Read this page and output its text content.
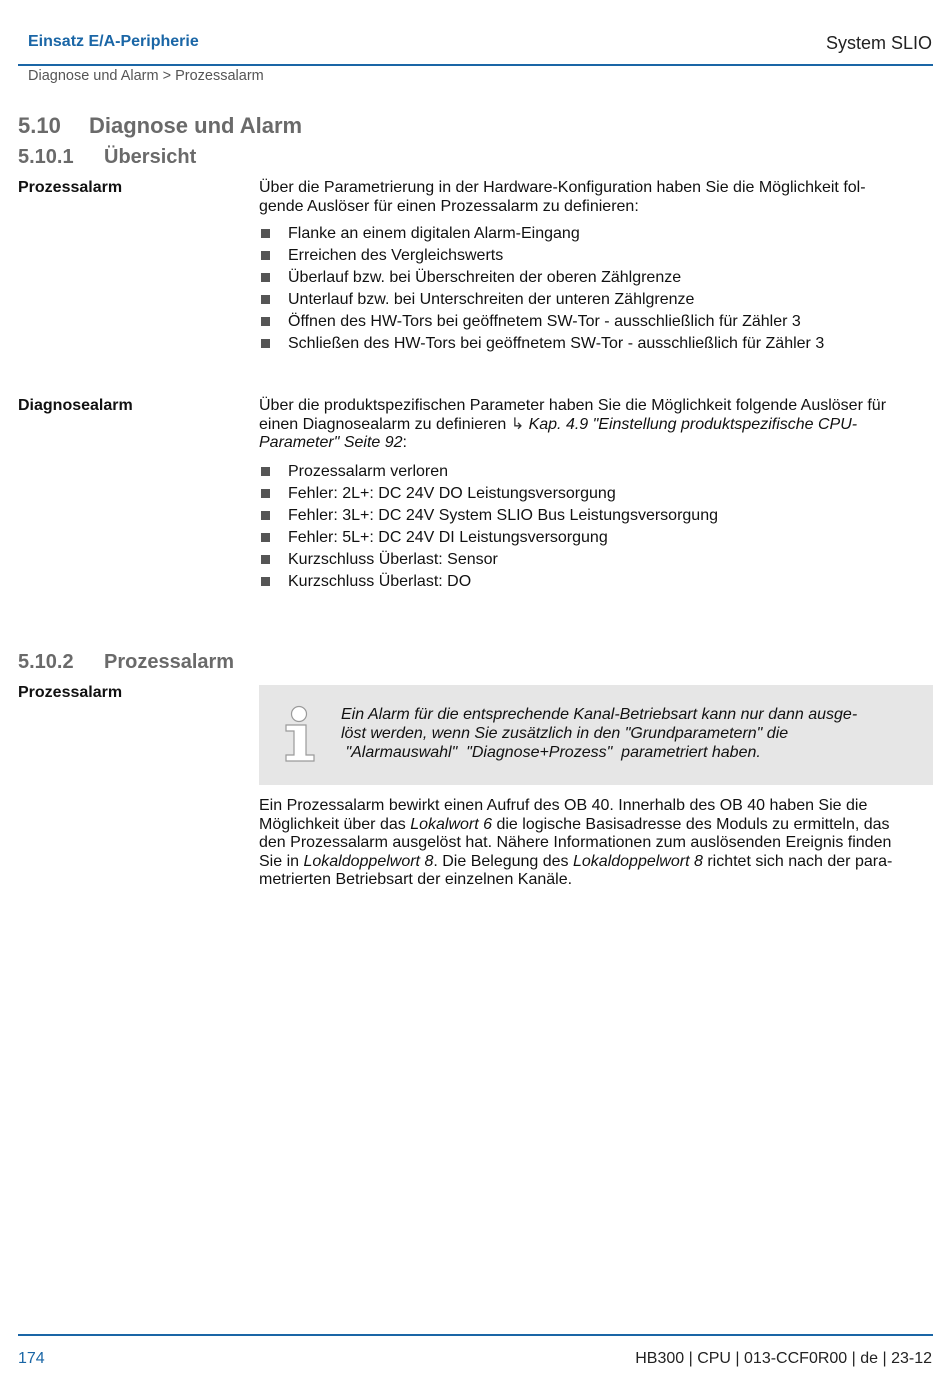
Einsatz E/A-Peripherie	System SLIO
Diagnose und Alarm > Prozessalarm
5.10 Diagnose und Alarm
5.10.1 Übersicht
Prozessalarm	Über die Parametrierung in der Hardware-Konfiguration haben Sie die Möglichkeit fol-
gende Auslöser für einen Prozessalarm zu definieren:

Flanke an einem digitalen Alarm-Eingang
Erreichen des Vergleichswerts
Überlauf bzw. bei Überschreiten der oberen Zählgrenze
Unterlauf bzw. bei Unterschreiten der unteren Zählgrenze
Öffnen des HW-Tors bei geöffnetem SW-Tor - ausschließlich für Zähler 3
Schließen des HW-Tors bei geöffnetem SW-Tor - ausschließlich für Zähler 3
Diagnosealarm	Über die produktspezifischen Parameter haben Sie die Möglichkeit folgende Auslöser für
einen Diagnosealarm zu definieren ↳ Kap. 4.9 "Einstellung produktspezifische CPU-
Parameter" Seite 92:

Prozessalarm verloren
Fehler: 2L+: DC 24V DO Leistungsversorgung
Fehler: 3L+: DC 24V System SLIO Bus Leistungsversorgung
Fehler: 5L+: DC 24V DI Leistungsversorgung
Kurzschluss Überlast: Sensor
Kurzschluss Überlast: DO
5.10.2 Prozessalarm
Prozessalarm
Ein Alarm für die entsprechende Kanal-Betriebsart kann nur dann ausge-
löst werden, wenn Sie zusätzlich in den "Grundparametern" die
"Alarmauswahl"  "Diagnose+Prozess"  parametriert haben.

Ein Prozessalarm bewirkt einen Aufruf des OB 40. Innerhalb des OB 40 haben Sie die
Möglichkeit über das Lokalwort 6 die logische Basisadresse des Moduls zu ermitteln, das
den Prozessalarm ausgelöst hat. Nähere Informationen zum auslösenden Ereignis finden
Sie in Lokaldoppelwort 8. Die Belegung des Lokaldoppelwort 8 richtet sich nach der para-
metrierten Betriebsart der einzelnen Kanäle.

174	HB300 | CPU | 013-CCF0R00 | de | 23-12
